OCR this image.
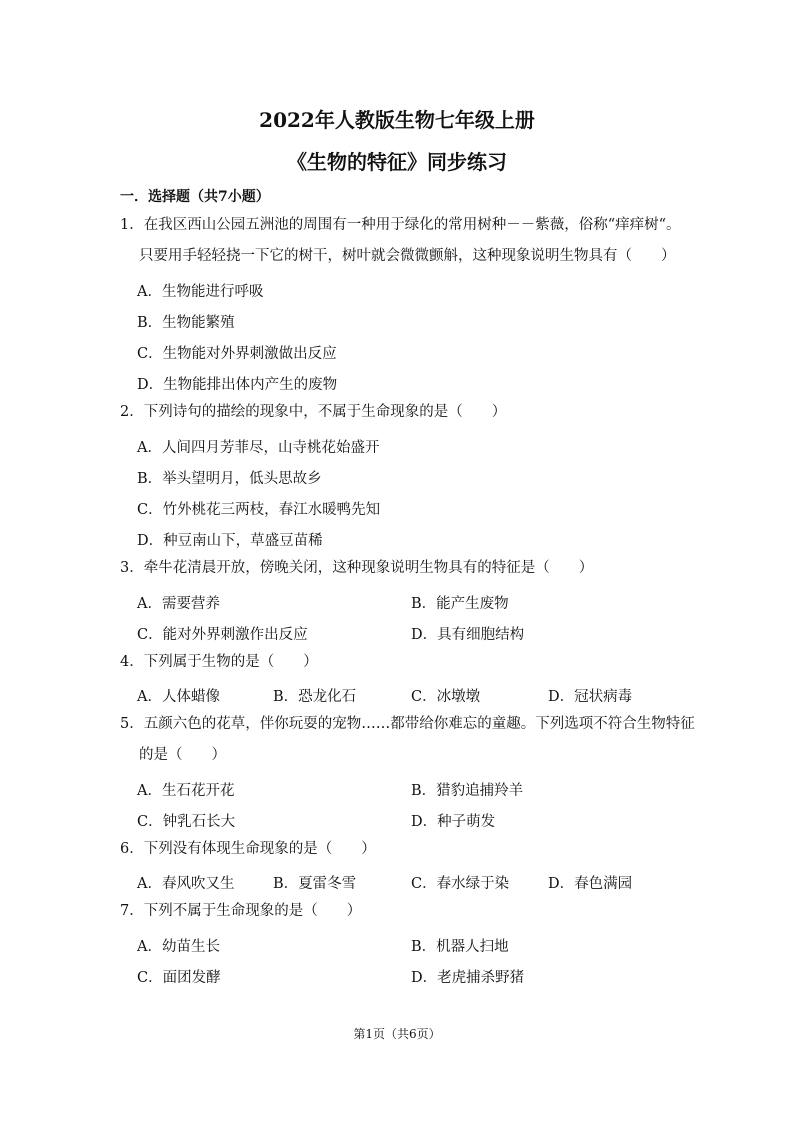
2022年人教版生物七年级上册
《生物的特征》同步练习
一．选择题（共7小题）
1．在我区西山公园五洲池的周围有一种用于绿化的常用树种－－紫薇，俗称“痒痒树“。
只要用手轻轻挠一下它的树干，树叶就会微微颤斛，这种现象说明生物具有（　　）
A．生物能进行呼吸
B．生物能繁殖
C．生物能对外界刺激做出反应
D．生物能排出体内产生的废物
2．下列诗句的描绘的现象中，不属于生命现象的是（　　）
A．人间四月芳菲尽，山寺桃花始盛开
B．举头望明月，低头思故乡
C．竹外桃花三两枝，春江水暖鸭先知
D．种豆南山下，草盛豆苗稀
3．牵牛花清晨开放，傍晚关闭，这种现象说明生物具有的特征是（　　）
A．需要营养	B．能产生废物
C．能对外界刺激作出反应	D．具有细胞结构
4．下列属于生物的是（　　）
A．人体蜡像	B．恐龙化石	C．冰墩墩	D．冠状病毒
5．五颜六色的花草，伴你玩耍的宠物……都带给你难忘的童趣。下列选项不符合生物特征
的是（　　）
A．生石花开花	B．猎豹追捕羚羊
C．钟乳石长大	D．种子萌发
6．下列没有体现生命现象的是（　　）
A．春风吹又生	B．夏雷冬雪	C．春水绿于染	D．春色满园
7．下列不属于生命现象的是（　　）
A．幼苗生长	B．机器人扫地
C．面团发酵	D．老虎捕杀野猪
第1页（共6页）
